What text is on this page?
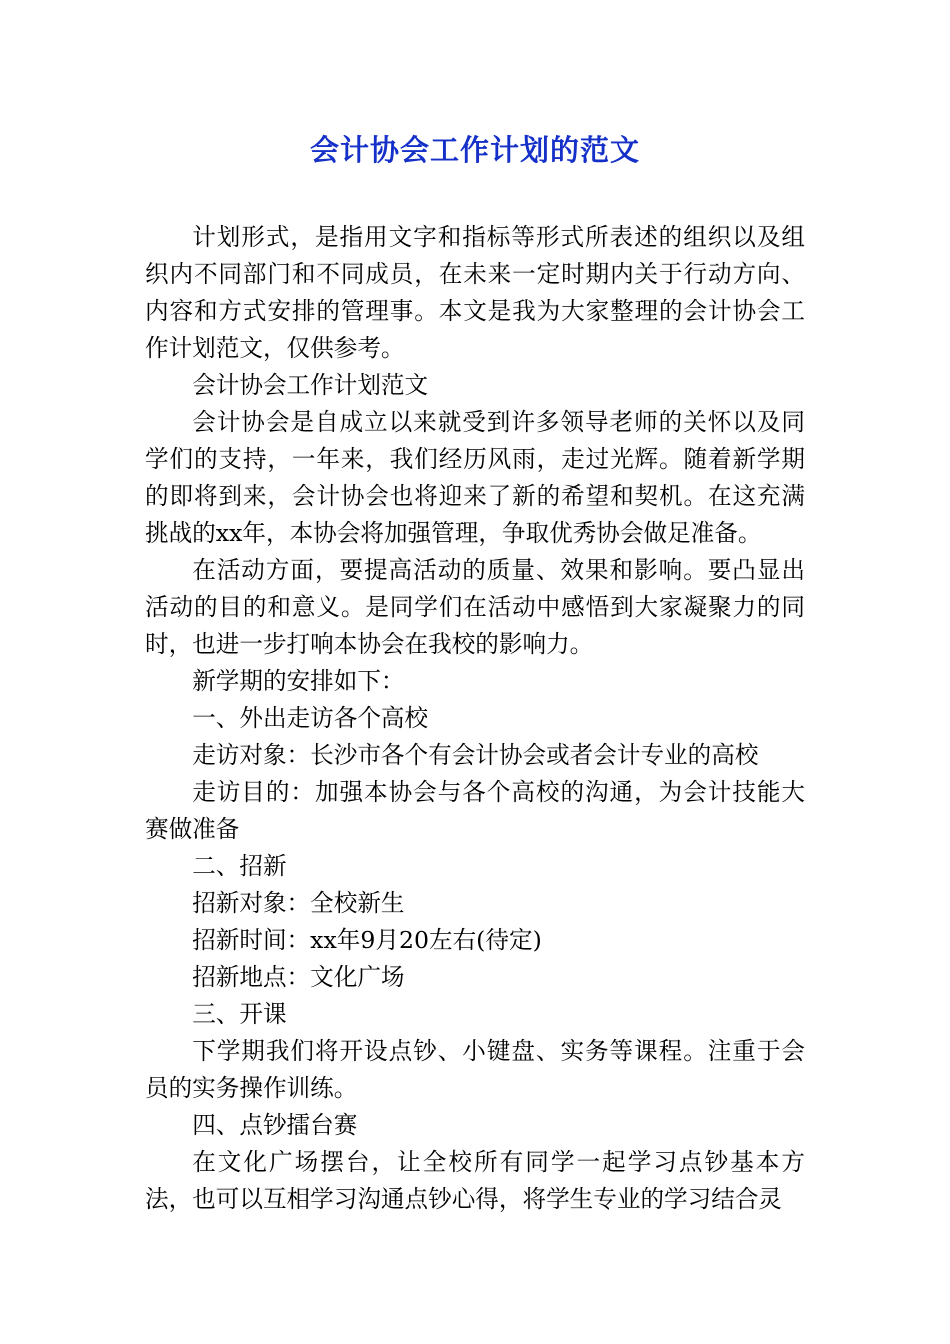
会计协会工作计划的范文

计划形式，是指用文字和指标等形式所表述的组织以及组织内不同部门和不同成员，在未来一定时期内关于行动方向、内容和方式安排的管理事。本文是我为大家整理的会计协会工作计划范文，仅供参考。

会计协会工作计划范文

会计协会是自成立以来就受到许多领导老师的关怀以及同学们的支持，一年来，我们经历风雨，走过光辉。随着新学期的即将到来，会计协会也将迎来了新的希望和契机。在这充满挑战的xx年，本协会将加强管理，争取优秀协会做足准备。

在活动方面，要提高活动的质量、效果和影响。要凸显出活动的目的和意义。是同学们在活动中感悟到大家凝聚力的同时，也进一步打响本协会在我校的影响力。

新学期的安排如下：

一、外出走访各个高校

走访对象：长沙市各个有会计协会或者会计专业的高校

走访目的：加强本协会与各个高校的沟通，为会计技能大赛做准备

二、招新

招新对象：全校新生

招新时间：xx年9月20左右(待定)

招新地点：文化广场

三、开课

下学期我们将开设点钞、小键盘、实务等课程。注重于会员的实务操作训练。

四、点钞擂台赛

在文化广场摆台，让全校所有同学一起学习点钞基本方法，也可以互相学习沟通点钞心得，将学生专业的学习结合灵
